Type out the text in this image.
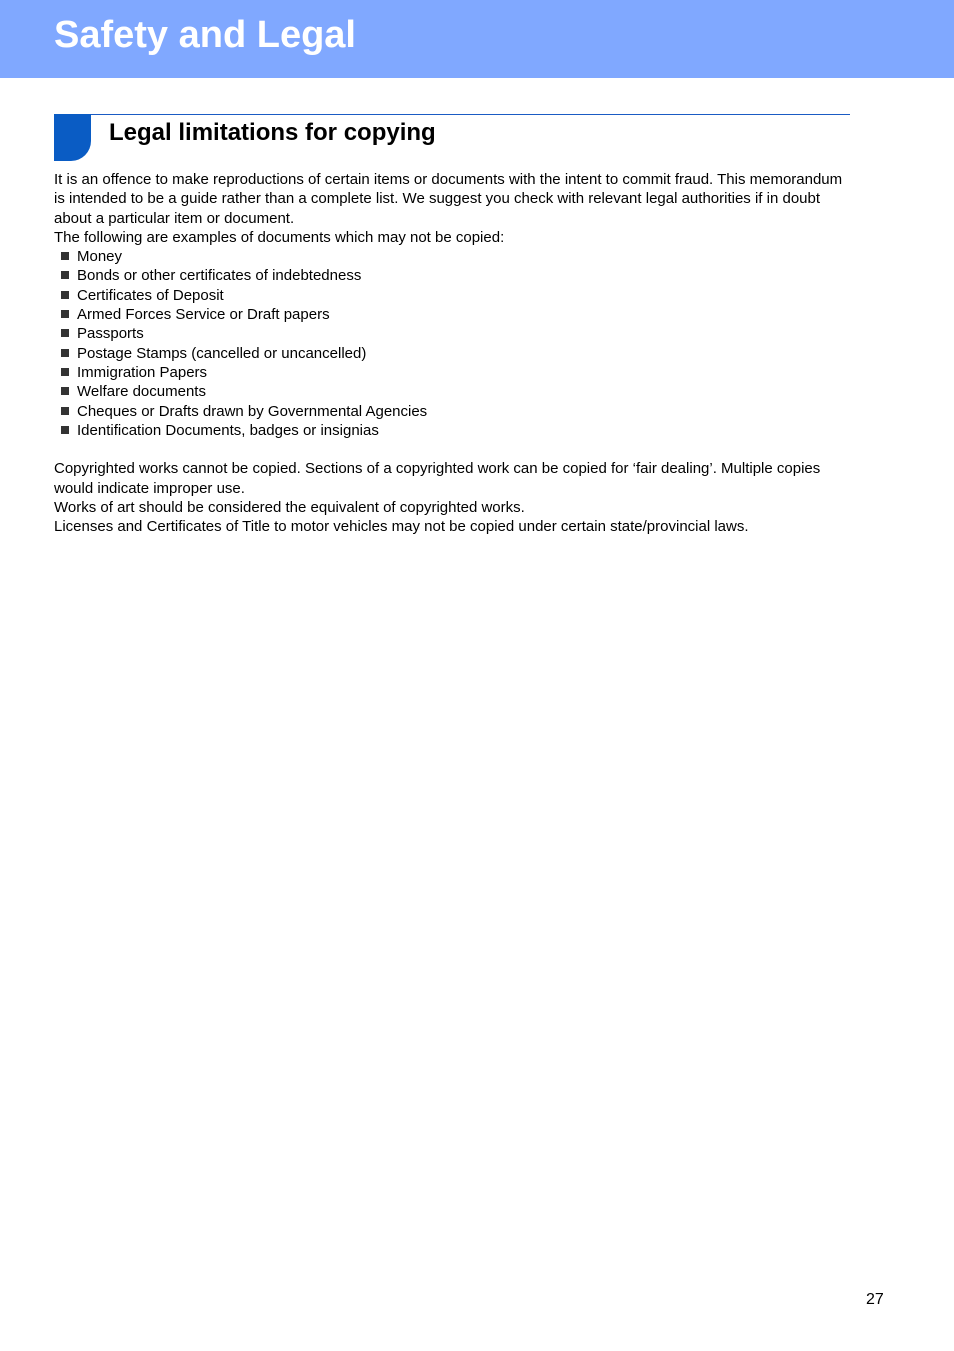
Safety and Legal
Legal limitations for copying

It is an offence to make reproductions of certain items or documents with the intent to commit fraud. This memorandum is intended to be a guide rather than a complete list. We suggest you check with relevant legal authorities if in doubt about a particular item or document.

The following are examples of documents which may not be copied:

Money
Bonds or other certificates of indebtedness
Certificates of Deposit
Armed Forces Service or Draft papers
Passports
Postage Stamps (cancelled or uncancelled)
Immigration Papers
Welfare documents
Cheques or Drafts drawn by Governmental Agencies
Identification Documents, badges or insignias

Copyrighted works cannot be copied. Sections of a copyrighted work can be copied for ‘fair dealing’. Multiple copies would indicate improper use.

Works of art should be considered the equivalent of copyrighted works.

Licenses and Certificates of Title to motor vehicles may not be copied under certain state/provincial laws.

27
